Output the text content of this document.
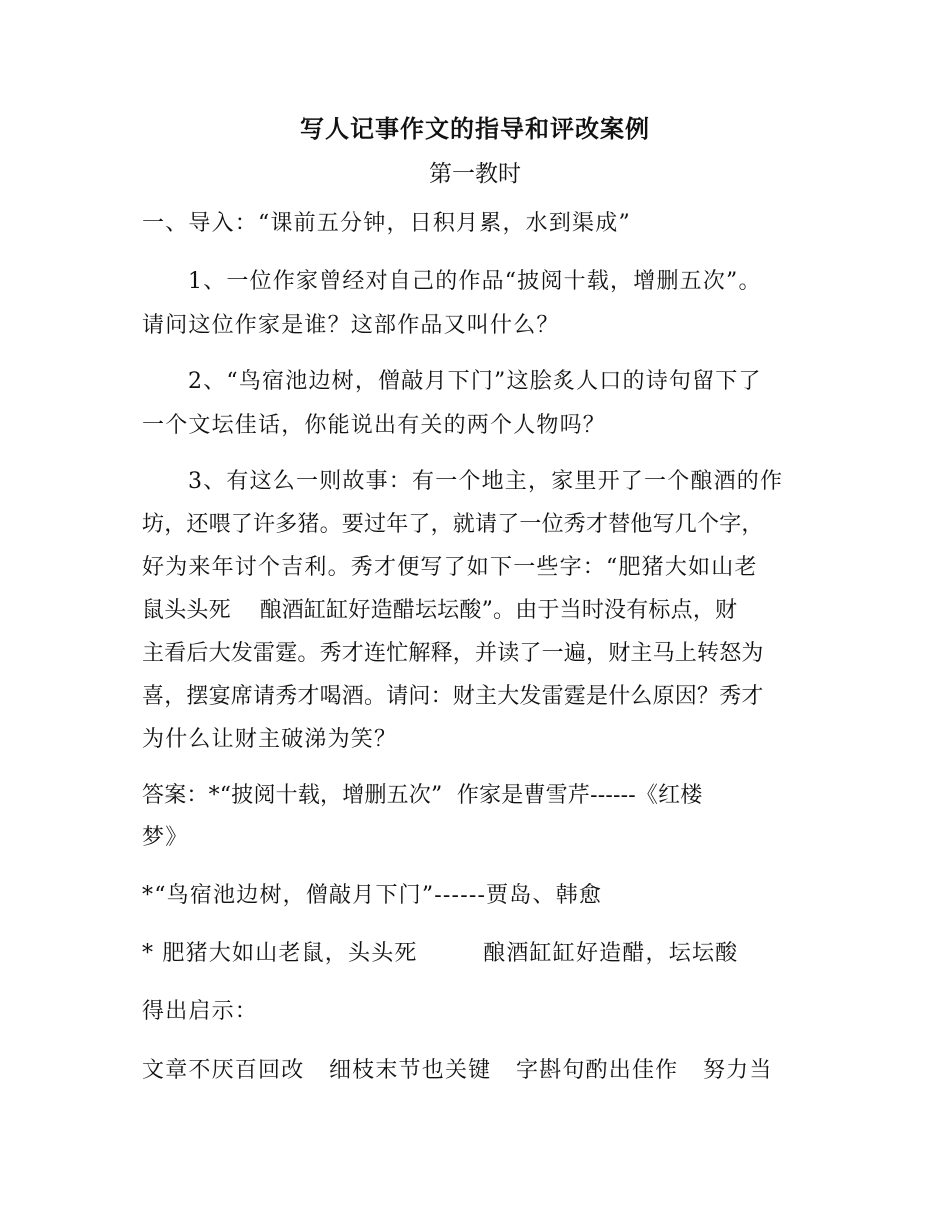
写人记事作文的指导和评改案例
第一教时
一、导入：“课前五分钟，日积月累，水到渠成”
1、一位作家曾经对自己的作品“披阅十载，增删五次”。
请问这位作家是谁？这部作品又叫什么？
2、“鸟宿池边树，僧敲月下门”这脍炙人口的诗句留下了
一个文坛佳话，你能说出有关的两个人物吗？
3、有这么一则故事：有一个地主，家里开了一个酿酒的作
坊，还喂了许多猪。要过年了，就请了一位秀才替他写几个字，
好为来年讨个吉利。秀才便写了如下一些字：“肥猪大如山老
鼠头头死    酿酒缸缸好造醋坛坛酸”。由于当时没有标点，财
主看后大发雷霆。秀才连忙解释，并读了一遍，财主马上转怒为
喜，摆宴席请秀才喝酒。请问：财主大发雷霆是什么原因？秀才
为什么让财主破涕为笑？
答案：*“披阅十载，增删五次”  作家是曹雪芹------《红楼
梦》
*“鸟宿池边树，僧敲月下门”------贾岛、韩愈
* 肥猪大如山老鼠，头头死        酿酒缸缸好造醋，坛坛酸
得出启示：
文章不厌百回改   细枝末节也关键   字斟句酌出佳作   努力当
